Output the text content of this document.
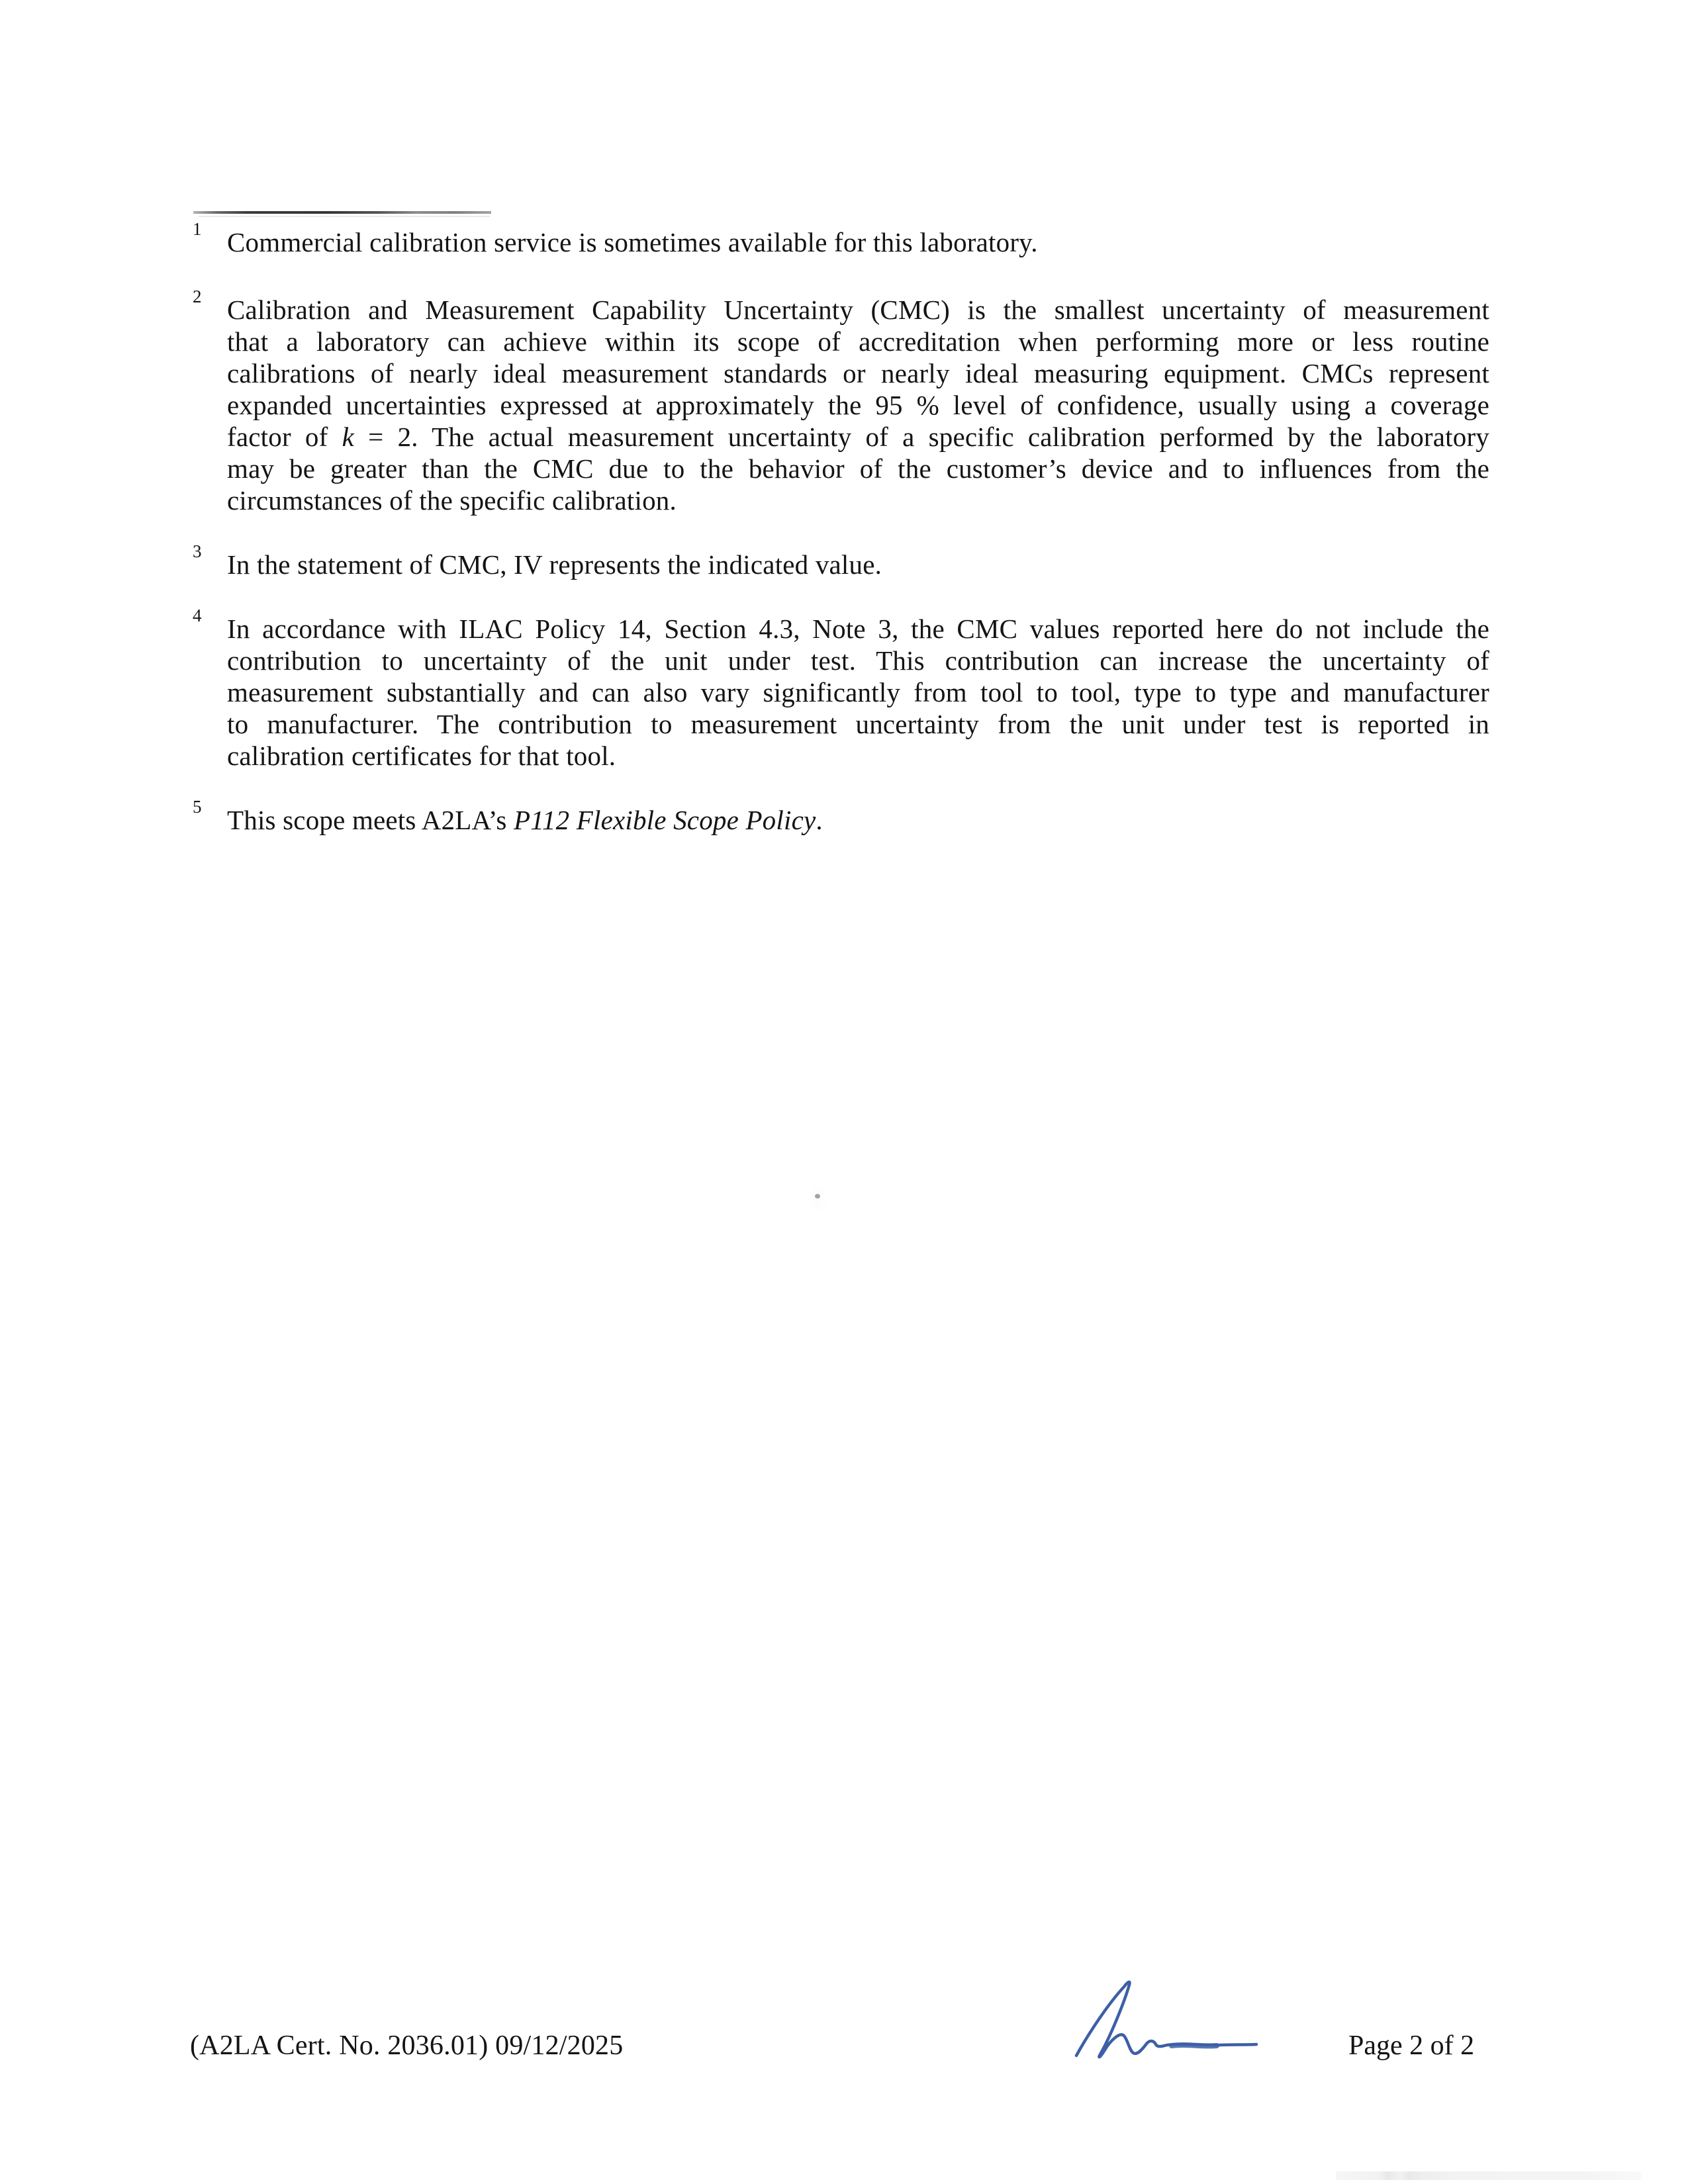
1 Commercial calibration service is sometimes available for this laboratory.
2 Calibration and Measurement Capability Uncertainty (CMC) is the smallest uncertainty of measurement
that a laboratory can achieve within its scope of accreditation when performing more or less routine
calibrations of nearly ideal measurement standards or nearly ideal measuring equipment. CMCs represent
expanded uncertainties expressed at approximately the 95 % level of confidence, usually using a coverage
factor of k = 2. The actual measurement uncertainty of a specific calibration performed by the laboratory
may be greater than the CMC due to the behavior of the customer’s device and to influences from the
circumstances of the specific calibration.
3 In the statement of CMC, IV represents the indicated value.
4 In accordance with ILAC Policy 14, Section 4.3, Note 3, the CMC values reported here do not include the
contribution to uncertainty of the unit under test. This contribution can increase the uncertainty of
measurement substantially and can also vary significantly from tool to tool, type to type and manufacturer
to manufacturer. The contribution to measurement uncertainty from the unit under test is reported in
calibration certificates for that tool.
5 This scope meets A2LA’s P112 Flexible Scope Policy.
(A2LA Cert. No. 2036.01) 09/12/2025	Page 2 of 2
